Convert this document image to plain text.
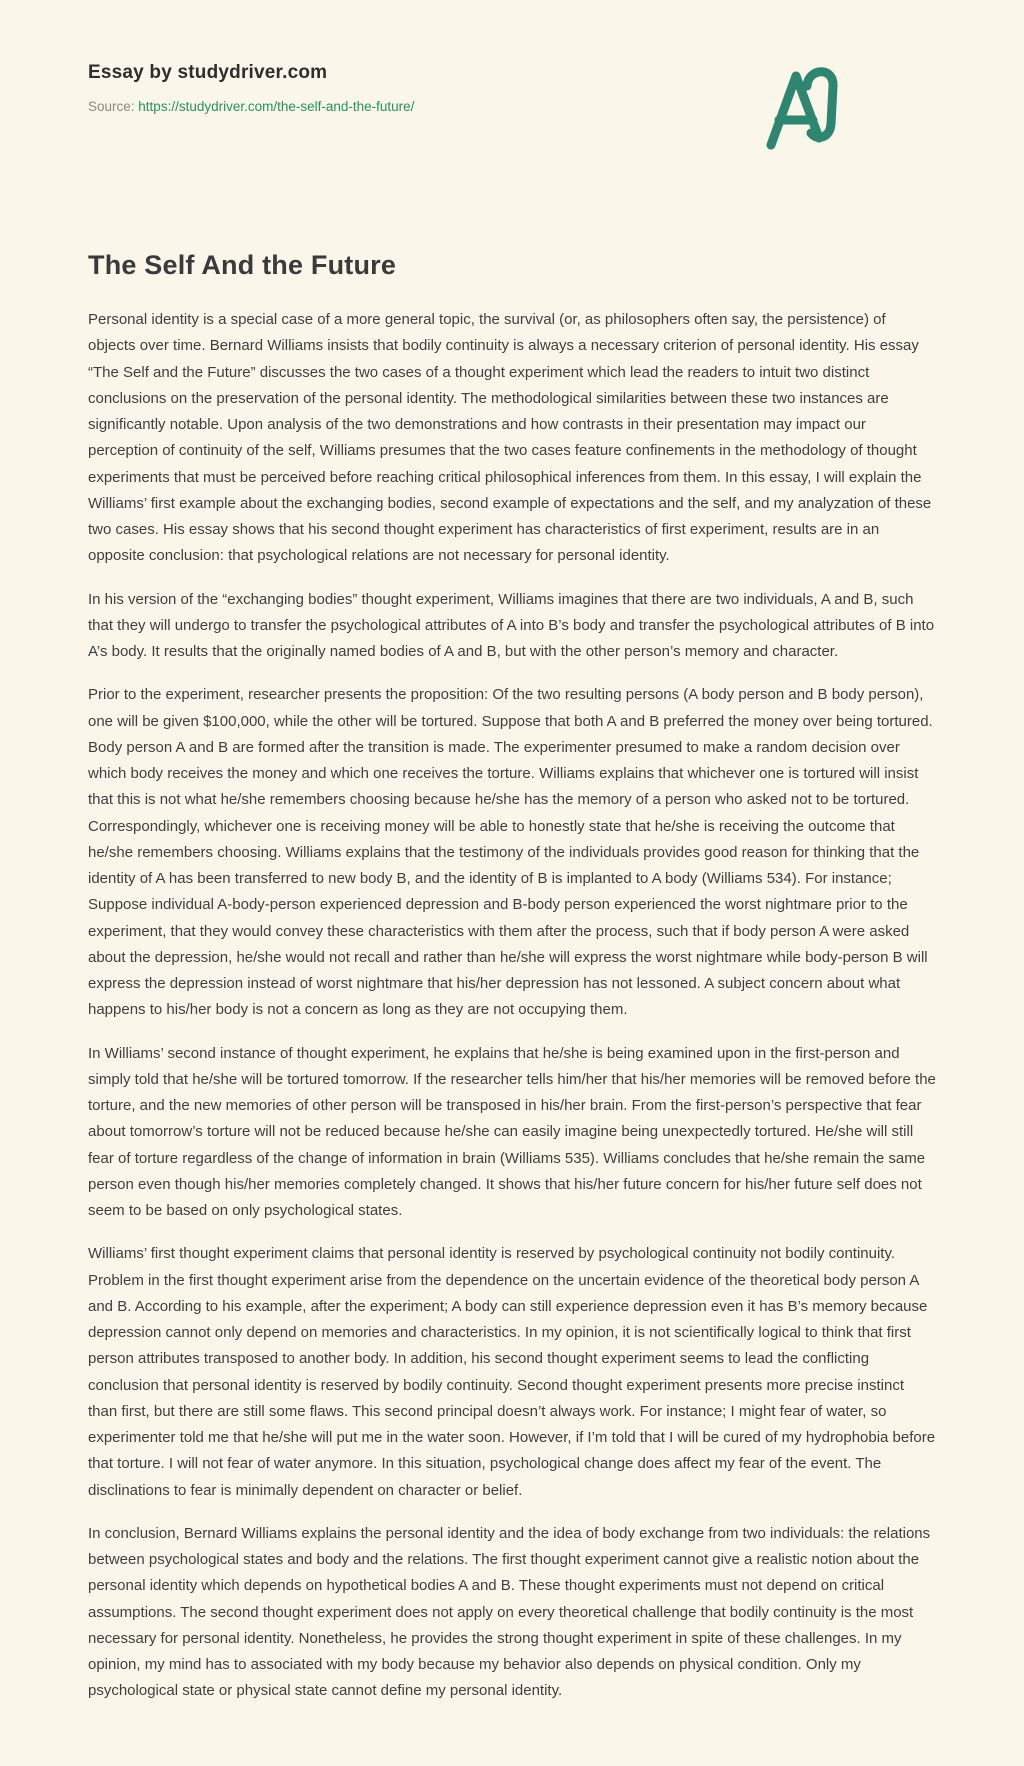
Essay by studydriver.com
Source: https://studydriver.com/the-self-and-the-future/
The Self And the Future

Personal identity is a special case of a more general topic, the survival (or, as philosophers often say, the persistence) of objects over time. Bernard Williams insists that bodily continuity is always a necessary criterion of personal identity. His essay “The Self and the Future” discusses the two cases of a thought experiment which lead the readers to intuit two distinct conclusions on the preservation of the personal identity. The methodological similarities between these two instances are significantly notable. Upon analysis of the two demonstrations and how contrasts in their presentation may impact our perception of continuity of the self, Williams presumes that the two cases feature confinements in the methodology of thought experiments that must be perceived before reaching critical philosophical inferences from them. In this essay, I will explain the Williams’ first example about the exchanging bodies, second example of expectations and the self, and my analyzation of these two cases. His essay shows that his second thought experiment has characteristics of first experiment, results are in an opposite conclusion: that psychological relations are not necessary for personal identity.

In his version of the “exchanging bodies” thought experiment, Williams imagines that there are two individuals, A and B, such that they will undergo to transfer the psychological attributes of A into B’s body and transfer the psychological attributes of B into A’s body. It results that the originally named bodies of A and B, but with the other person’s memory and character.

Prior to the experiment, researcher presents the proposition: Of the two resulting persons (A body person and B body person), one will be given $100,000, while the other will be tortured. Suppose that both A and B preferred the money over being tortured. Body person A and B are formed after the transition is made. The experimenter presumed to make a random decision over which body receives the money and which one receives the torture. Williams explains that whichever one is tortured will insist that this is not what he/she remembers choosing because he/she has the memory of a person who asked not to be tortured. Correspondingly, whichever one is receiving money will be able to honestly state that he/she is receiving the outcome that he/she remembers choosing. Williams explains that the testimony of the individuals provides good reason for thinking that the identity of A has been transferred to new body B, and the identity of B is implanted to A body (Williams 534). For instance; Suppose individual A-body-person experienced depression and B-body person experienced the worst nightmare prior to the experiment, that they would convey these characteristics with them after the process, such that if body person A were asked about the depression, he/she would not recall and rather than he/she will express the worst nightmare while body-person B will express the depression instead of worst nightmare that his/her depression has not lessoned. A subject concern about what happens to his/her body is not a concern as long as they are not occupying them.

In Williams’ second instance of thought experiment, he explains that he/she is being examined upon in the first-person and simply told that he/she will be tortured tomorrow. If the researcher tells him/her that his/her memories will be removed before the torture, and the new memories of other person will be transposed in his/her brain. From the first-person’s perspective that fear about tomorrow’s torture will not be reduced because he/she can easily imagine being unexpectedly tortured. He/she will still fear of torture regardless of the change of information in brain (Williams 535). Williams concludes that he/she remain the same person even though his/her memories completely changed. It shows that his/her future concern for his/her future self does not seem to be based on only psychological states.

Williams’ first thought experiment claims that personal identity is reserved by psychological continuity not bodily continuity. Problem in the first thought experiment arise from the dependence on the uncertain evidence of the theoretical body person A and B. According to his example, after the experiment; A body can still experience depression even it has B’s memory because depression cannot only depend on memories and characteristics. In my opinion, it is not scientifically logical to think that first person attributes transposed to another body. In addition, his second thought experiment seems to lead the conflicting conclusion that personal identity is reserved by bodily continuity. Second thought experiment presents more precise instinct than first, but there are still some flaws. This second principal doesn’t always work. For instance; I might fear of water, so experimenter told me that he/she will put me in the water soon. However, if I’m told that I will be cured of my hydrophobia before that torture. I will not fear of water anymore. In this situation, psychological change does affect my fear of the event. The disclinations to fear is minimally dependent on character or belief.

In conclusion, Bernard Williams explains the personal identity and the idea of body exchange from two individuals: the relations between psychological states and body and the relations. The first thought experiment cannot give a realistic notion about the personal identity which depends on hypothetical bodies A and B. These thought experiments must not depend on critical assumptions. The second thought experiment does not apply on every theoretical challenge that bodily continuity is the most necessary for personal identity. Nonetheless, he provides the strong thought experiment in spite of these challenges. In my opinion, my mind has to associated with my body because my behavior also depends on physical condition. Only my psychological state or physical state cannot define my personal identity.
